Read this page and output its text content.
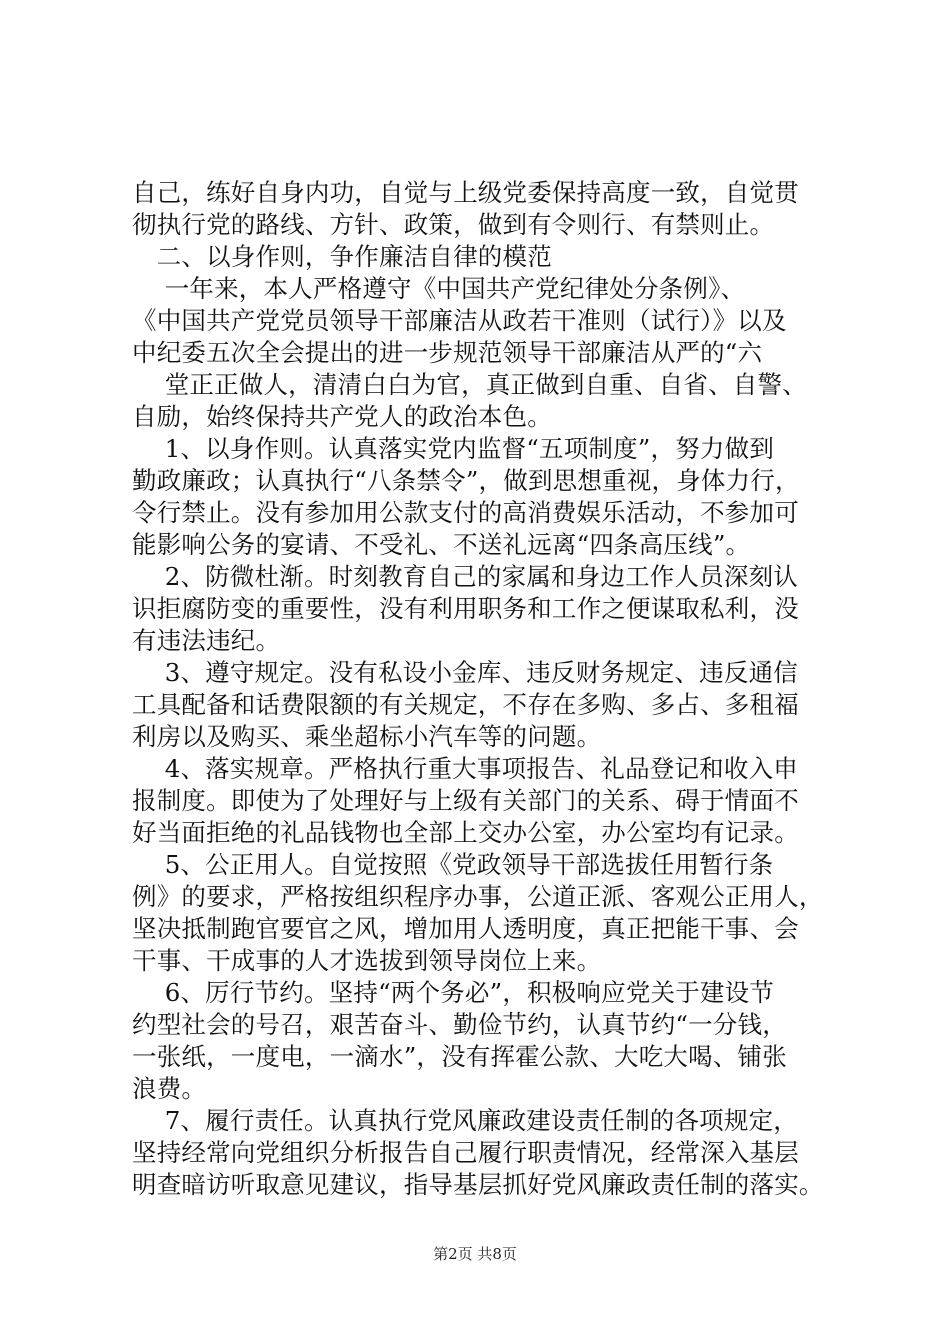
自己，练好自身内功，自觉与上级党委保持高度一致，自觉贯
彻执行党的路线、方针、政策，做到有令则行、有禁则止。
　二、以身作则，争作廉洁自律的模范
　 一年来，本人严格遵守《中国共产党纪律处分条例》、
《中国共产党党员领导干部廉洁从政若干准则（试行）》以及
中纪委五次全会提出的进一步规范领导干部廉洁从严的“六
　 堂正正做人，清清白白为官，真正做到自重、自省、自警、
自励，始终保持共产党人的政治本色。
　 1、以身作则。认真落实党内监督“五项制度”，努力做到
勤政廉政；认真执行“八条禁令”，做到思想重视，身体力行，
令行禁止。没有参加用公款支付的高消费娱乐活动，不参加可
能影响公务的宴请、不受礼、不送礼远离“四条高压线”。
　 2、防微杜渐。时刻教育自己的家属和身边工作人员深刻认
识拒腐防变的重要性，没有利用职务和工作之便谋取私利，没
有违法违纪。
　 3、遵守规定。没有私设小金库、违反财务规定、违反通信
工具配备和话费限额的有关规定，不存在多购、多占、多租福
利房以及购买、乘坐超标小汽车等的问题。
　 4、落实规章。严格执行重大事项报告、礼品登记和收入申
报制度。即使为了处理好与上级有关部门的关系、碍于情面不
好当面拒绝的礼品钱物也全部上交办公室，办公室均有记录。
　 5、公正用人。自觉按照《党政领导干部选拔任用暂行条
例》的要求，严格按组织程序办事，公道正派、客观公正用人，
坚决抵制跑官要官之风，增加用人透明度，真正把能干事、会
干事、干成事的人才选拔到领导岗位上来。
　 6、厉行节约。坚持“两个务必”，积极响应党关于建设节
约型社会的号召，艰苦奋斗、勤俭节约，认真节约“一分钱，
一张纸，一度电，一滴水”，没有挥霍公款、大吃大喝、铺张
浪费。
　 7、履行责任。认真执行党风廉政建设责任制的各项规定，
坚持经常向党组织分析报告自己履行职责情况，经常深入基层
明查暗访听取意见建议，指导基层抓好党风廉政责任制的落实。
第2页 共8页
